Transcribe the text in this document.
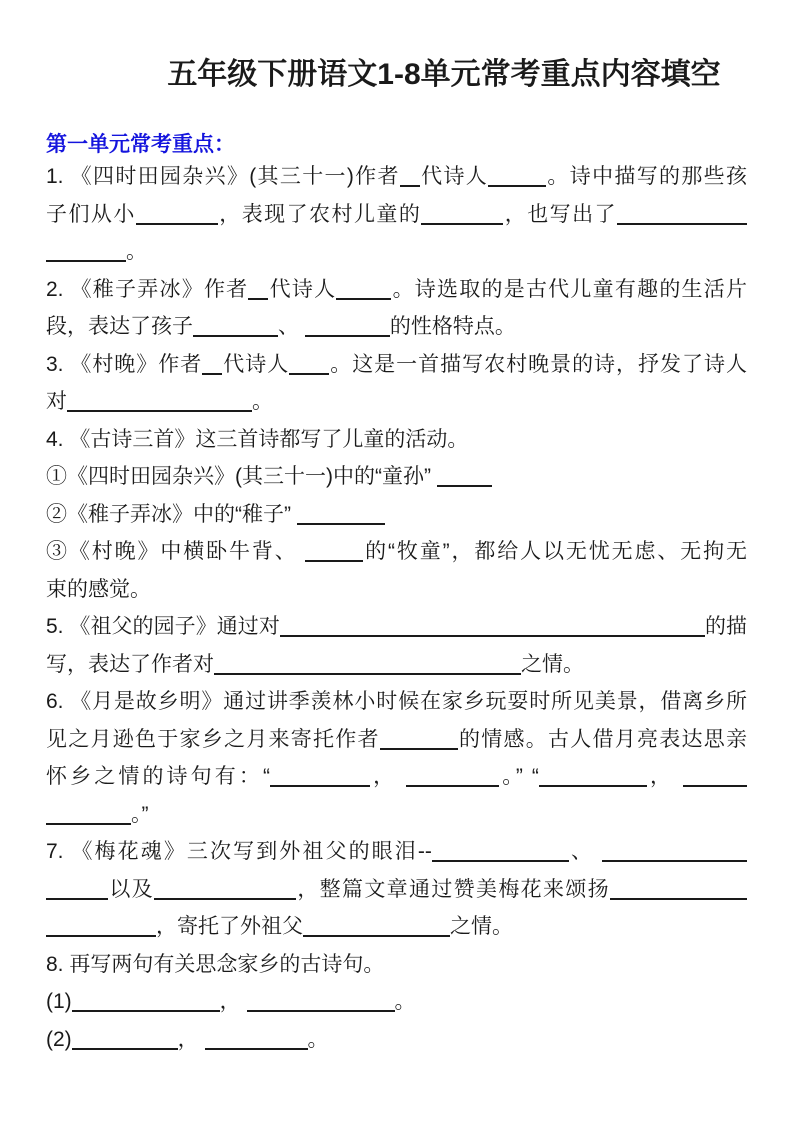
五年级下册语文1-8单元常考重点内容填空
第一单元常考重点：
1. 《四时田园杂兴》(其三十一)作者 代诗人	。诗中描写的那些孩
子们从小	，表现了农村儿童的	，也写出了
。
2. 《稚子弄冰》作者 代诗人	。诗选取的是古代儿童有趣的生活片
段，表达了孩子	、	的性格特点。
3. 《村晚》作者 代诗人 。这是一首描写农村晚景的诗，抒发了诗人
对	。
4. 《古诗三首》这三首诗都写了儿童的活动。
①《四时田园杂兴》(其三十一)中的“童孙”
②《稚子弄冰》中的“稚子”
③《村晚》中横卧牛背、	的“牧童”，都给人以无忧无虑、无拘无
束的感觉。
5. 《祖父的园子》通过对	的描
写，表达了作者对	之情。
6. 《月是故乡明》通过讲季羡林小时候在家乡玩耍时所见美景，借离乡所
见之月逊色于家乡之月来寄托作者	的情感。古人借月亮表达思亲
怀乡之情的诗句有：“	，	。” “	，
。”
7. 《梅花魂》三次写到外祖父的眼泪--	、
以及	，整篇文章通过赞美梅花来颂扬
，寄托了外祖父	之情。
8. 再写两句有关思念家乡的古诗句。
(1)	，	。
(2)	，	。
